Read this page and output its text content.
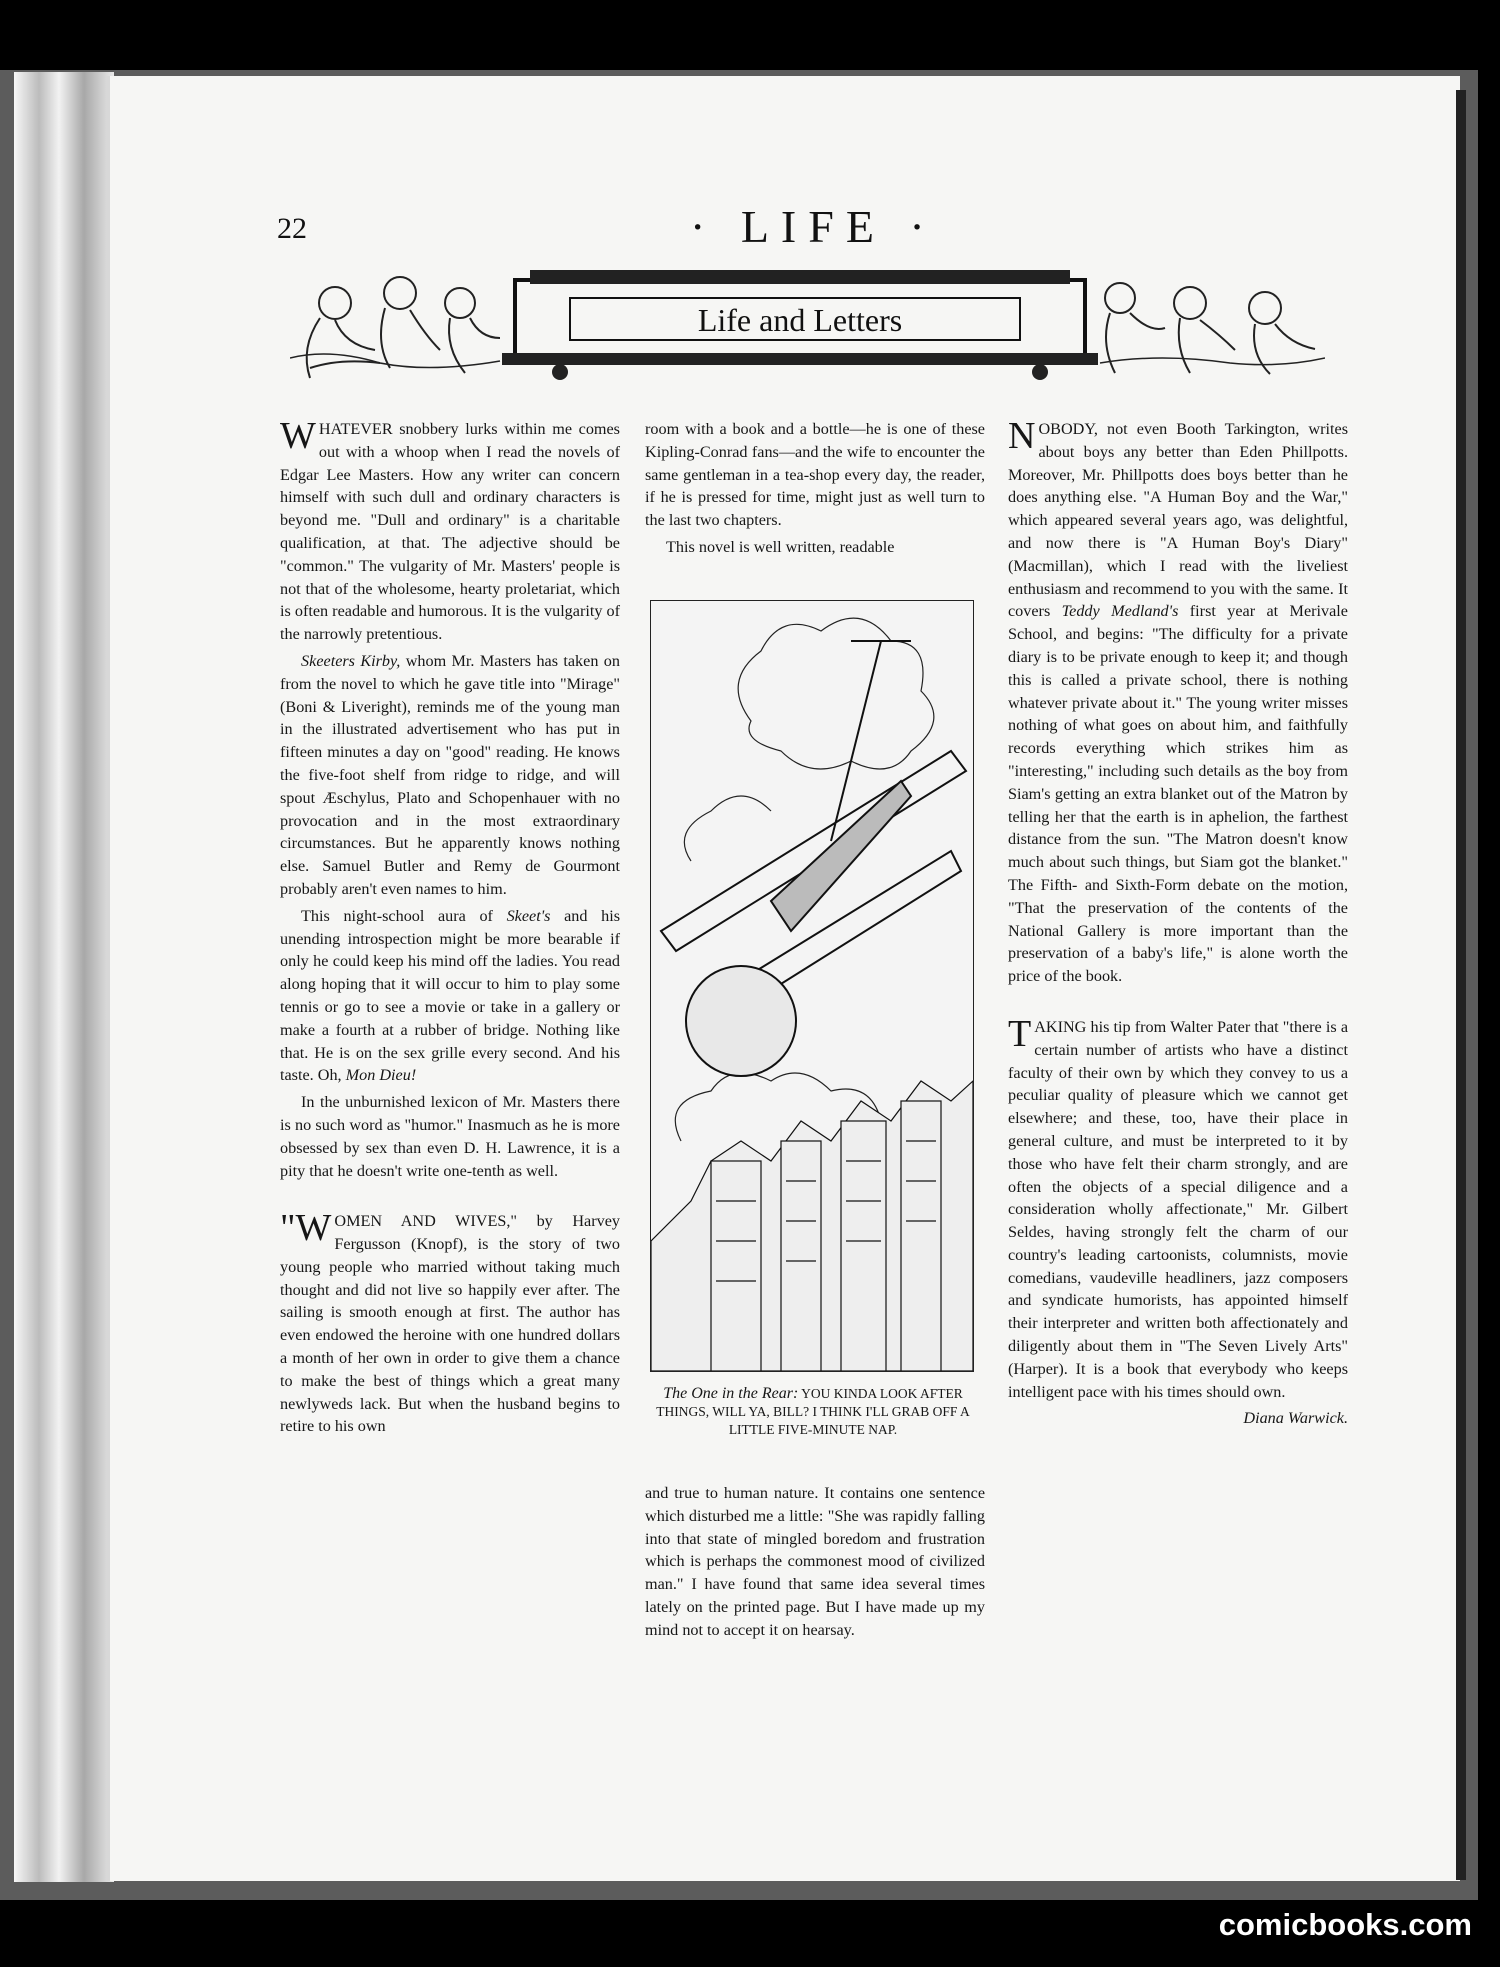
22	· LIFE ·
Life and Letters

WHATEVER snobbery lurks within me comes out with a whoop when I read the novels of Edgar Lee Masters. How any writer can concern himself with such dull and ordinary characters is beyond me. "Dull and ordinary" is a charitable qualification, at that. The adjective should be "common." The vulgarity of Mr. Masters' people is not that of the wholesome, hearty proletariat, which is often readable and humorous. It is the vulgarity of the narrowly pretentious.

Skeeters Kirby, whom Mr. Masters has taken on from the novel to which he gave title into "Mirage" (Boni & Liveright), reminds me of the young man in the illustrated advertisement who has put in fifteen minutes a day on "good" reading. He knows the five-foot shelf from ridge to ridge, and will spout Æschylus, Plato and Schopenhauer with no provocation and in the most extraordinary circumstances. But he apparently knows nothing else. Samuel Butler and Remy de Gourmont probably aren't even names to him.

This night-school aura of Skeet's and his unending introspection might be more bearable if only he could keep his mind off the ladies. You read along hoping that it will occur to him to play some tennis or go to see a movie or take in a gallery or make a fourth at a rubber of bridge. Nothing like that. He is on the sex grille every second. And his taste. Oh, Mon Dieu!

In the unburnished lexicon of Mr. Masters there is no such word as "humor." Inasmuch as he is more obsessed by sex than even D. H. Lawrence, it is a pity that he doesn't write one-tenth as well.

"WOMEN AND WIVES," by Harvey Fergusson (Knopf), is the story of two young people who married without taking much thought and did not live so happily ever after. The sailing is smooth enough at first. The author has even endowed the heroine with one hundred dollars a month of her own in order to give them a chance to make the best of things which a great many newlyweds lack. But when the husband begins to retire to his own

room with a book and a bottle—he is one of these Kipling-Conrad fans—and the wife to encounter the same gentleman in a tea-shop every day, the reader, if he is pressed for time, might just as well turn to the last two chapters.

This novel is well written, readable

The One in the Rear: YOU KINDA LOOK AFTER THINGS, WILL YA, BILL? I THINK I'LL GRAB OFF A LITTLE FIVE-MINUTE NAP.

and true to human nature. It contains one sentence which disturbed me a little: "She was rapidly falling into that state of mingled boredom and frustration which is perhaps the commonest mood of civilized man." I have found that same idea several times lately on the printed page. But I have made up my mind not to accept it on hearsay.

NOBODY, not even Booth Tarkington, writes about boys any better than Eden Phillpotts. Moreover, Mr. Phillpotts does boys better than he does anything else. "A Human Boy and the War," which appeared several years ago, was delightful, and now there is "A Human Boy's Diary" (Macmillan), which I read with the liveliest enthusiasm and recommend to you with the same. It covers Teddy Medland's first year at Merivale School, and begins: "The difficulty for a private diary is to be private enough to keep it; and though this is called a private school, there is nothing whatever private about it." The young writer misses nothing of what goes on about him, and faithfully records everything which strikes him as "interesting," including such details as the boy from Siam's getting an extra blanket out of the Matron by telling her that the earth is in aphelion, the farthest distance from the sun. "The Matron doesn't know much about such things, but Siam got the blanket." The Fifth- and Sixth-Form debate on the motion, "That the preservation of the contents of the National Gallery is more important than the preservation of a baby's life," is alone worth the price of the book.

TAKING his tip from Walter Pater that "there is a certain number of artists who have a distinct faculty of their own by which they convey to us a peculiar quality of pleasure which we cannot get elsewhere; and these, too, have their place in general culture, and must be interpreted to it by those who have felt their charm strongly, and are often the objects of a special diligence and a consideration wholly affectionate," Mr. Gilbert Seldes, having strongly felt the charm of our country's leading cartoonists, columnists, movie comedians, vaudeville headliners, jazz composers and syndicate humorists, has appointed himself their interpreter and written both affectionately and diligently about them in "The Seven Lively Arts" (Harper). It is a book that everybody who keeps intelligent pace with his times should own.

Diana Warwick.
comicbooks.com
